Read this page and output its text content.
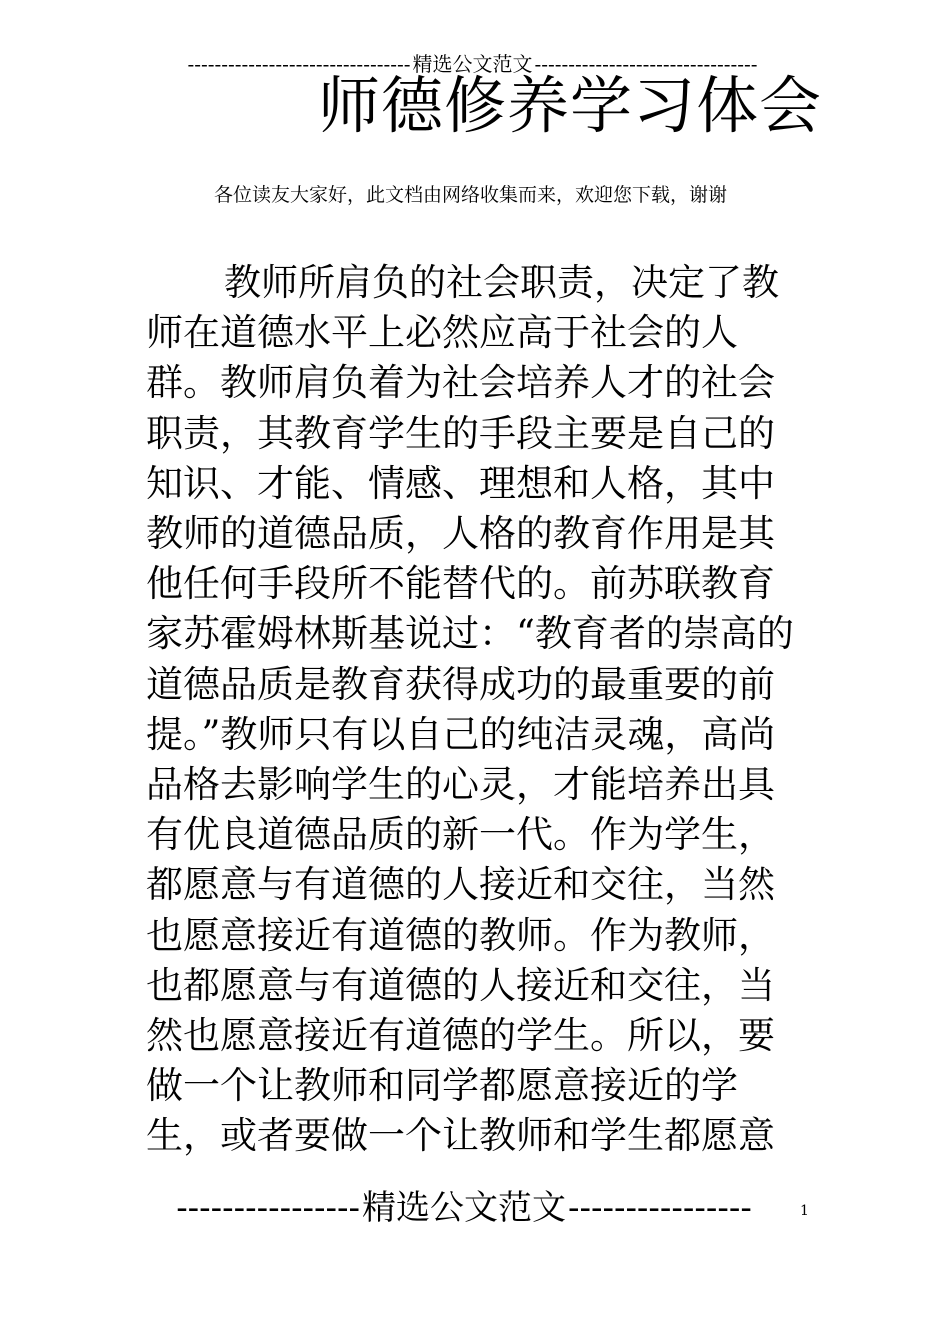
--------------------------------- 精选公文范文 ---------------------------------
师德修养学习体会
各位读友大家好，此文档由网络收集而来，欢迎您下载，谢谢

教师所肩负的社会职责，决定了教师在道德水平上必然应高于社会的人群。教师肩负着为社会培养人才的社会职责，其教育学生的手段主要是自己的知识、才能、情感、理想和人格，其中教师的道德品质，人格的教育作用是其他任何手段所不能替代的。前苏联教育家苏霍姆林斯基说过：“教育者的崇高的道德品质是教育获得成功的最重要的前提。”教师只有以自己的纯洁灵魂，高尚品格去影响学生的心灵，才能培养出具有优良道德品质的新一代。作为学生，都愿意与有道德的人接近和交往，当然也愿意接近有道德的教师。作为教师，也都愿意与有道德的人接近和交往，当然也愿意接近有道德的学生。所以，要做一个让教师和同学都愿意接近的学生，或者要做一个让教师和学生都愿意

---------------- 精选公文范文 ----------------	1
